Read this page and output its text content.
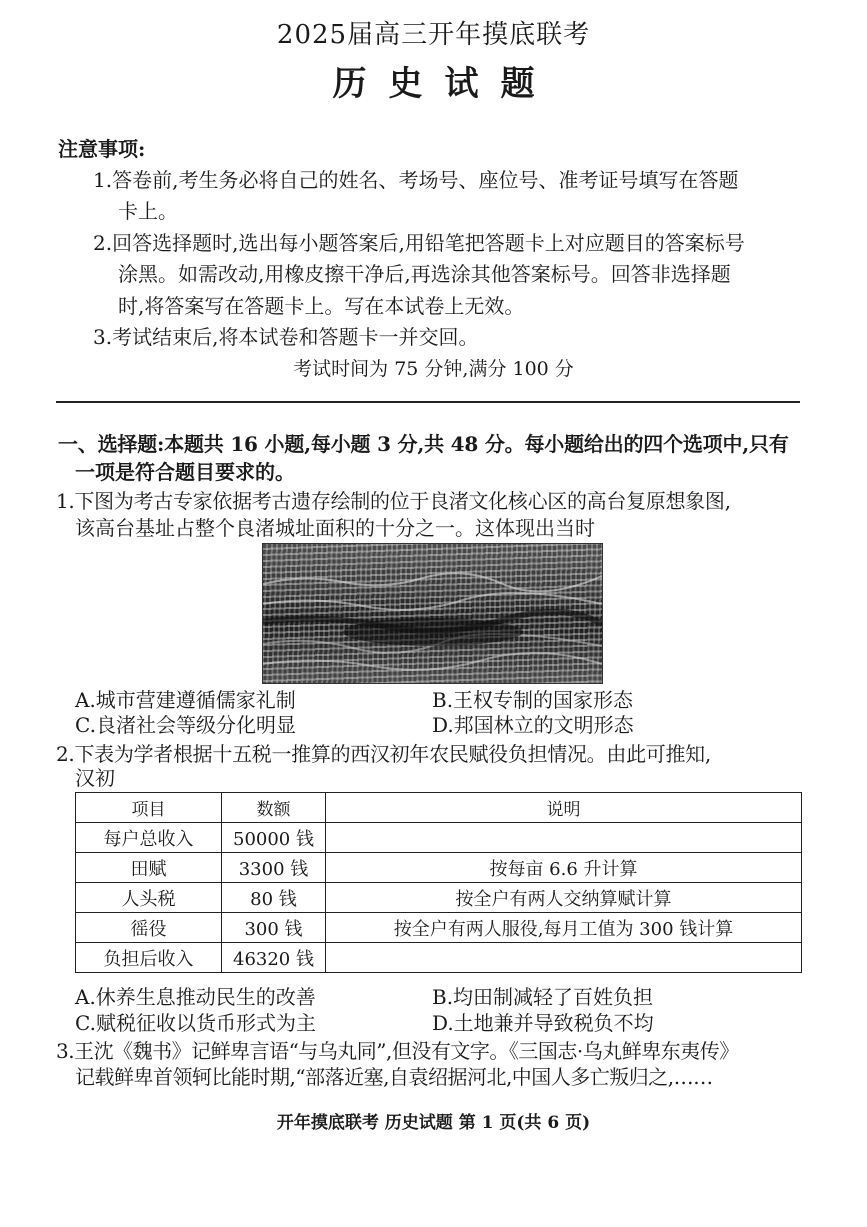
2025届高三开年摸底联考
历史试题
注意事项:
1.答卷前,考生务必将自己的姓名、考场号、座位号、准考证号填写在答题
卡上。
2.回答选择题时,选出每小题答案后,用铅笔把答题卡上对应题目的答案标号
涂黑。如需改动,用橡皮擦干净后,再选涂其他答案标号。回答非选择题
时,将答案写在答题卡上。写在本试卷上无效。
3.考试结束后,将本试卷和答题卡一并交回。
考试时间为 75 分钟,满分 100 分
一、选择题:本题共 16 小题,每小题 3 分,共 48 分。每小题给出的四个选项中,只有
一项是符合题目要求的。
1.下图为考古专家依据考古遗存绘制的位于良渚文化核心区的高台复原想象图,
该高台基址占整个良渚城址面积的十分之一。这体现出当时
A.城市营建遵循儒家礼制	B.王权专制的国家形态
C.良渚社会等级分化明显	D.邦国林立的文明形态
2.下表为学者根据十五税一推算的西汉初年农民赋役负担情况。由此可推知,
汉初
项目	数额	说明
每户总收入	50000 钱	
田赋	3300 钱	按每亩 6.6 升计算
人头税	80 钱	按全户有两人交纳算赋计算
徭役	300 钱	按全户有两人服役,每月工值为 300 钱计算
负担后收入	46320 钱	
A.休养生息推动民生的改善	B.均田制减轻了百姓负担
C.赋税征收以货币形式为主	D.土地兼并导致税负不均
3.王沈《魏书》记鲜卑言语“与乌丸同”,但没有文字。《三国志·乌丸鲜卑东夷传》
记载鲜卑首领轲比能时期,“部落近塞,自袁绍据河北,中国人多亡叛归之,……
开年摸底联考 历史试题 第 1 页(共 6 页)
